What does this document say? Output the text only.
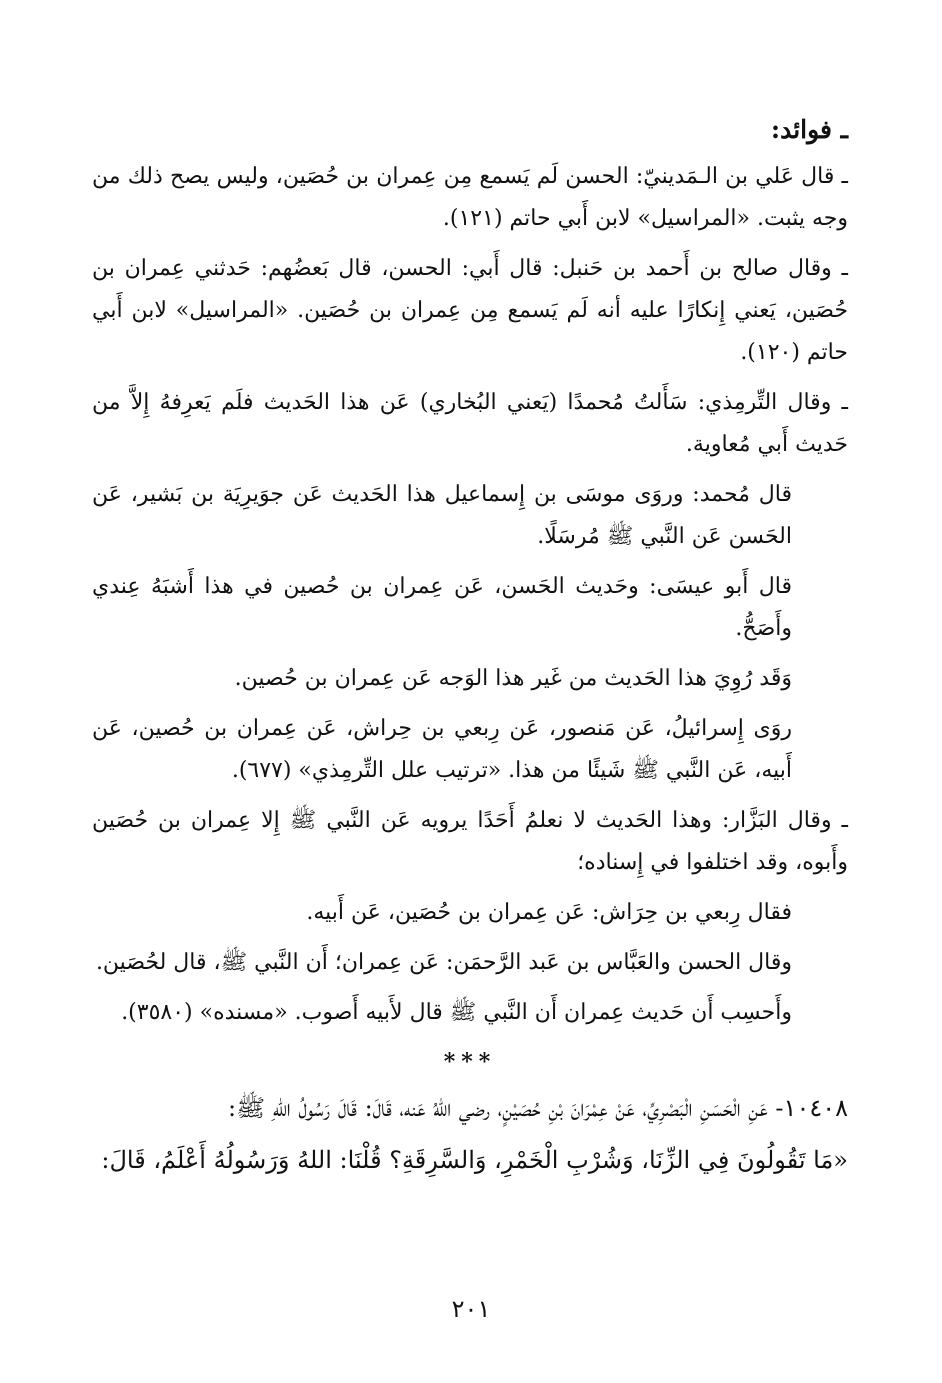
ـ فوائد:

ـ قال عَلي بن الـمَدينيّ: الحسن لَم يَسمع مِن عِمران بن حُصَين، وليس يصح ذلك من وجه يثبت. «المراسيل» لابن أَبي حاتم (١٢١).

ـ وقال صالح بن أَحمد بن حَنبل: قال أَبي: الحسن، قال بَعضُهم: حَدثني عِمران بن حُصَين، يَعني إِنكارًا عليه أنه لَم يَسمع مِن عِمران بن حُصَين. «المراسيل» لابن أَبي حاتم (١٢٠).

ـ وقال التِّرمِذي: سَأَلتُ مُحمدًا (يَعني البُخاري) عَن هذا الحَديث فلَم يَعرِفهُ إِلاَّ من حَديث أَبي مُعاوية.

قال مُحمد: وروَى موسَى بن إِسماعيل هذا الحَديث عَن جوَيرِيَة بن بَشير، عَن الحَسن عَن النَّبي ﷺ مُرسَلًا.

قال أَبو عيسَى: وحَديث الحَسن، عَن عِمران بن حُصين في هذا أَشبَهُ عِندي وأَصَحُّ.

وَقَد رُوِيَ هذا الحَديث من غَير هذا الوَجه عَن عِمران بن حُصين.

روَى إِسرائيلُ، عَن مَنصور، عَن رِبعي بن حِراش، عَن عِمران بن حُصين، عَن أَبيه، عَن النَّبي ﷺ شَيئًا من هذا. «ترتيب علل التِّرمِذي» (٦٧٧).

ـ وقال البَزَّار: وهذا الحَديث لا نعلمُ أَحَدًا يرويه عَن النَّبي ﷺ إِلا عِمران بن حُصَين وأَبوه، وقد اختلفوا في إِسناده؛

فقال رِبعي بن حِرَاش: عَن عِمران بن حُصَين، عَن أَبيه.

وقال الحسن والعَبَّاس بن عَبد الرَّحمَن: عَن عِمران؛ أَن النَّبي ﷺ، قال لحُصَين.

وأَحسِب أَن حَديث عِمران أَن النَّبي ﷺ قال لأَبيه أَصوب. «مسنده» (٣٥٨٠).

***

١٠٤٠٨- عَنِ الْحَسَنِ الْبَصْرِيِّ، عَنْ عِمْرَانَ بْنِ حُصَيْنٍ، رضي اللهُ عَنه، قَالَ: قَالَ رَسُولُ اللهِ ﷺ:

«مَا تَقُولُونَ فِي الزِّنَا، وَشُرْبِ الْخَمْرِ، وَالسَّرِقَةِ؟ قُلْنَا: اللهُ وَرَسُولُهُ أَعْلَمُ، قَالَ:

٢٠١
